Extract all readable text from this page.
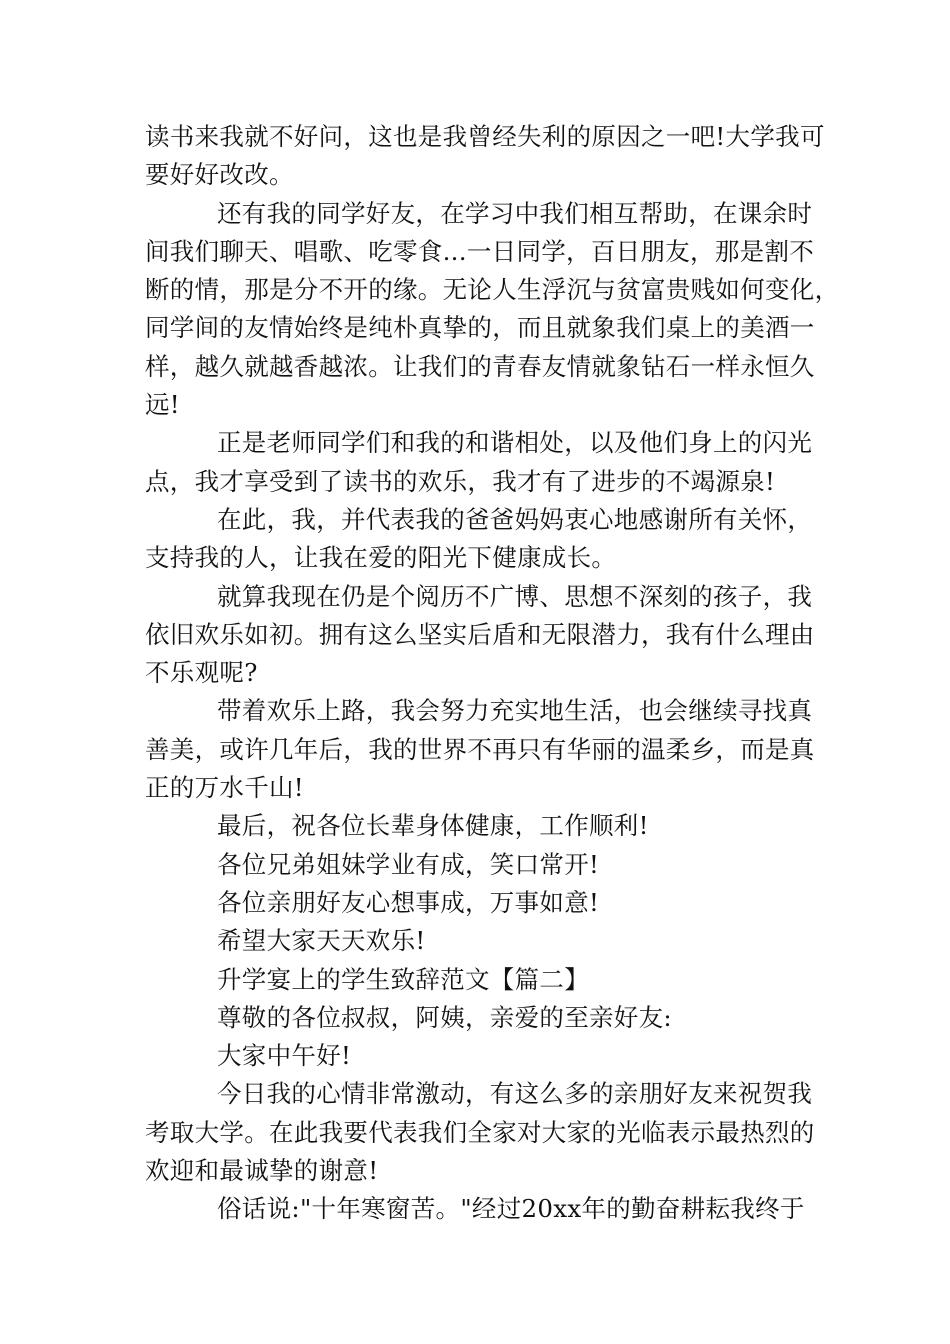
读书来我就不好问，这也是我曾经失利的原因之一吧!大学我可

要好好改改。

还有我的同学好友，在学习中我们相互帮助，在课余时

间我们聊天、唱歌、吃零食...一日同学，百日朋友，那是割不

断的情，那是分不开的缘。无论人生浮沉与贫富贵贱如何变化，

同学间的友情始终是纯朴真挚的，而且就象我们桌上的美酒一

样，越久就越香越浓。让我们的青春友情就象钻石一样永恒久

远!

正是老师同学们和我的和谐相处，以及他们身上的闪光

点，我才享受到了读书的欢乐，我才有了进步的不竭源泉!

在此，我，并代表我的爸爸妈妈衷心地感谢所有关怀，

支持我的人，让我在爱的阳光下健康成长。

就算我现在仍是个阅历不广博、思想不深刻的孩子，我

依旧欢乐如初。拥有这么坚实后盾和无限潜力，我有什么理由

不乐观呢?

带着欢乐上路，我会努力充实地生活，也会继续寻找真

善美，或许几年后，我的世界不再只有华丽的温柔乡，而是真

正的万水千山!

最后，祝各位长辈身体健康，工作顺利!

各位兄弟姐妹学业有成，笑口常开!

各位亲朋好友心想事成，万事如意!

希望大家天天欢乐!

升学宴上的学生致辞范文【篇二】

尊敬的各位叔叔，阿姨，亲爱的至亲好友:

大家中午好!

今日我的心情非常激动，有这么多的亲朋好友来祝贺我

考取大学。在此我要代表我们全家对大家的光临表示最热烈的

欢迎和最诚挚的谢意!

俗话说:"十年寒窗苦。"经过20xx年的勤奋耕耘我终于
